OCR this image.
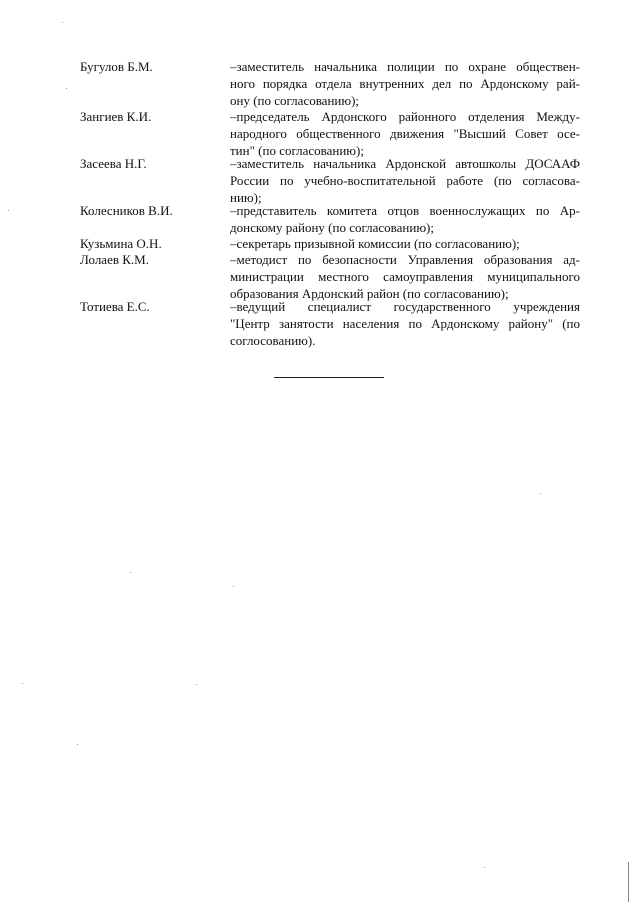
Бугулов Б.М.	–заместитель начальника полиции по охране обществен-
ного порядка отдела внутренних дел по Ардонскому рай-
ону (по согласованию);
Зангиев К.И.	–председатель Ардонского районного отделения Между-
народного общественного движения "Высший Совет осе-
тин" (по согласованию);
Засеева Н.Г.	–заместитель начальника Ардонской автошколы ДОСААФ
России по учебно-воспитательной работе (по согласова-
нию);
Колесников В.И.	–представитель комитета отцов военнослужащих по Ар-
донскому району (по согласованию);
Кузьмина О.Н.	–секретарь призывной комиссии (по согласованию);
Лолаев К.М.	–методист по безопасности Управления образования ад-
министрации местного самоуправления муниципального
образования Ардонский район (по согласованию);
Тотиева Е.С.	–ведущий специалист государственного учреждения
"Центр занятости населения по Ардонскому району" (по
соглосованию).
